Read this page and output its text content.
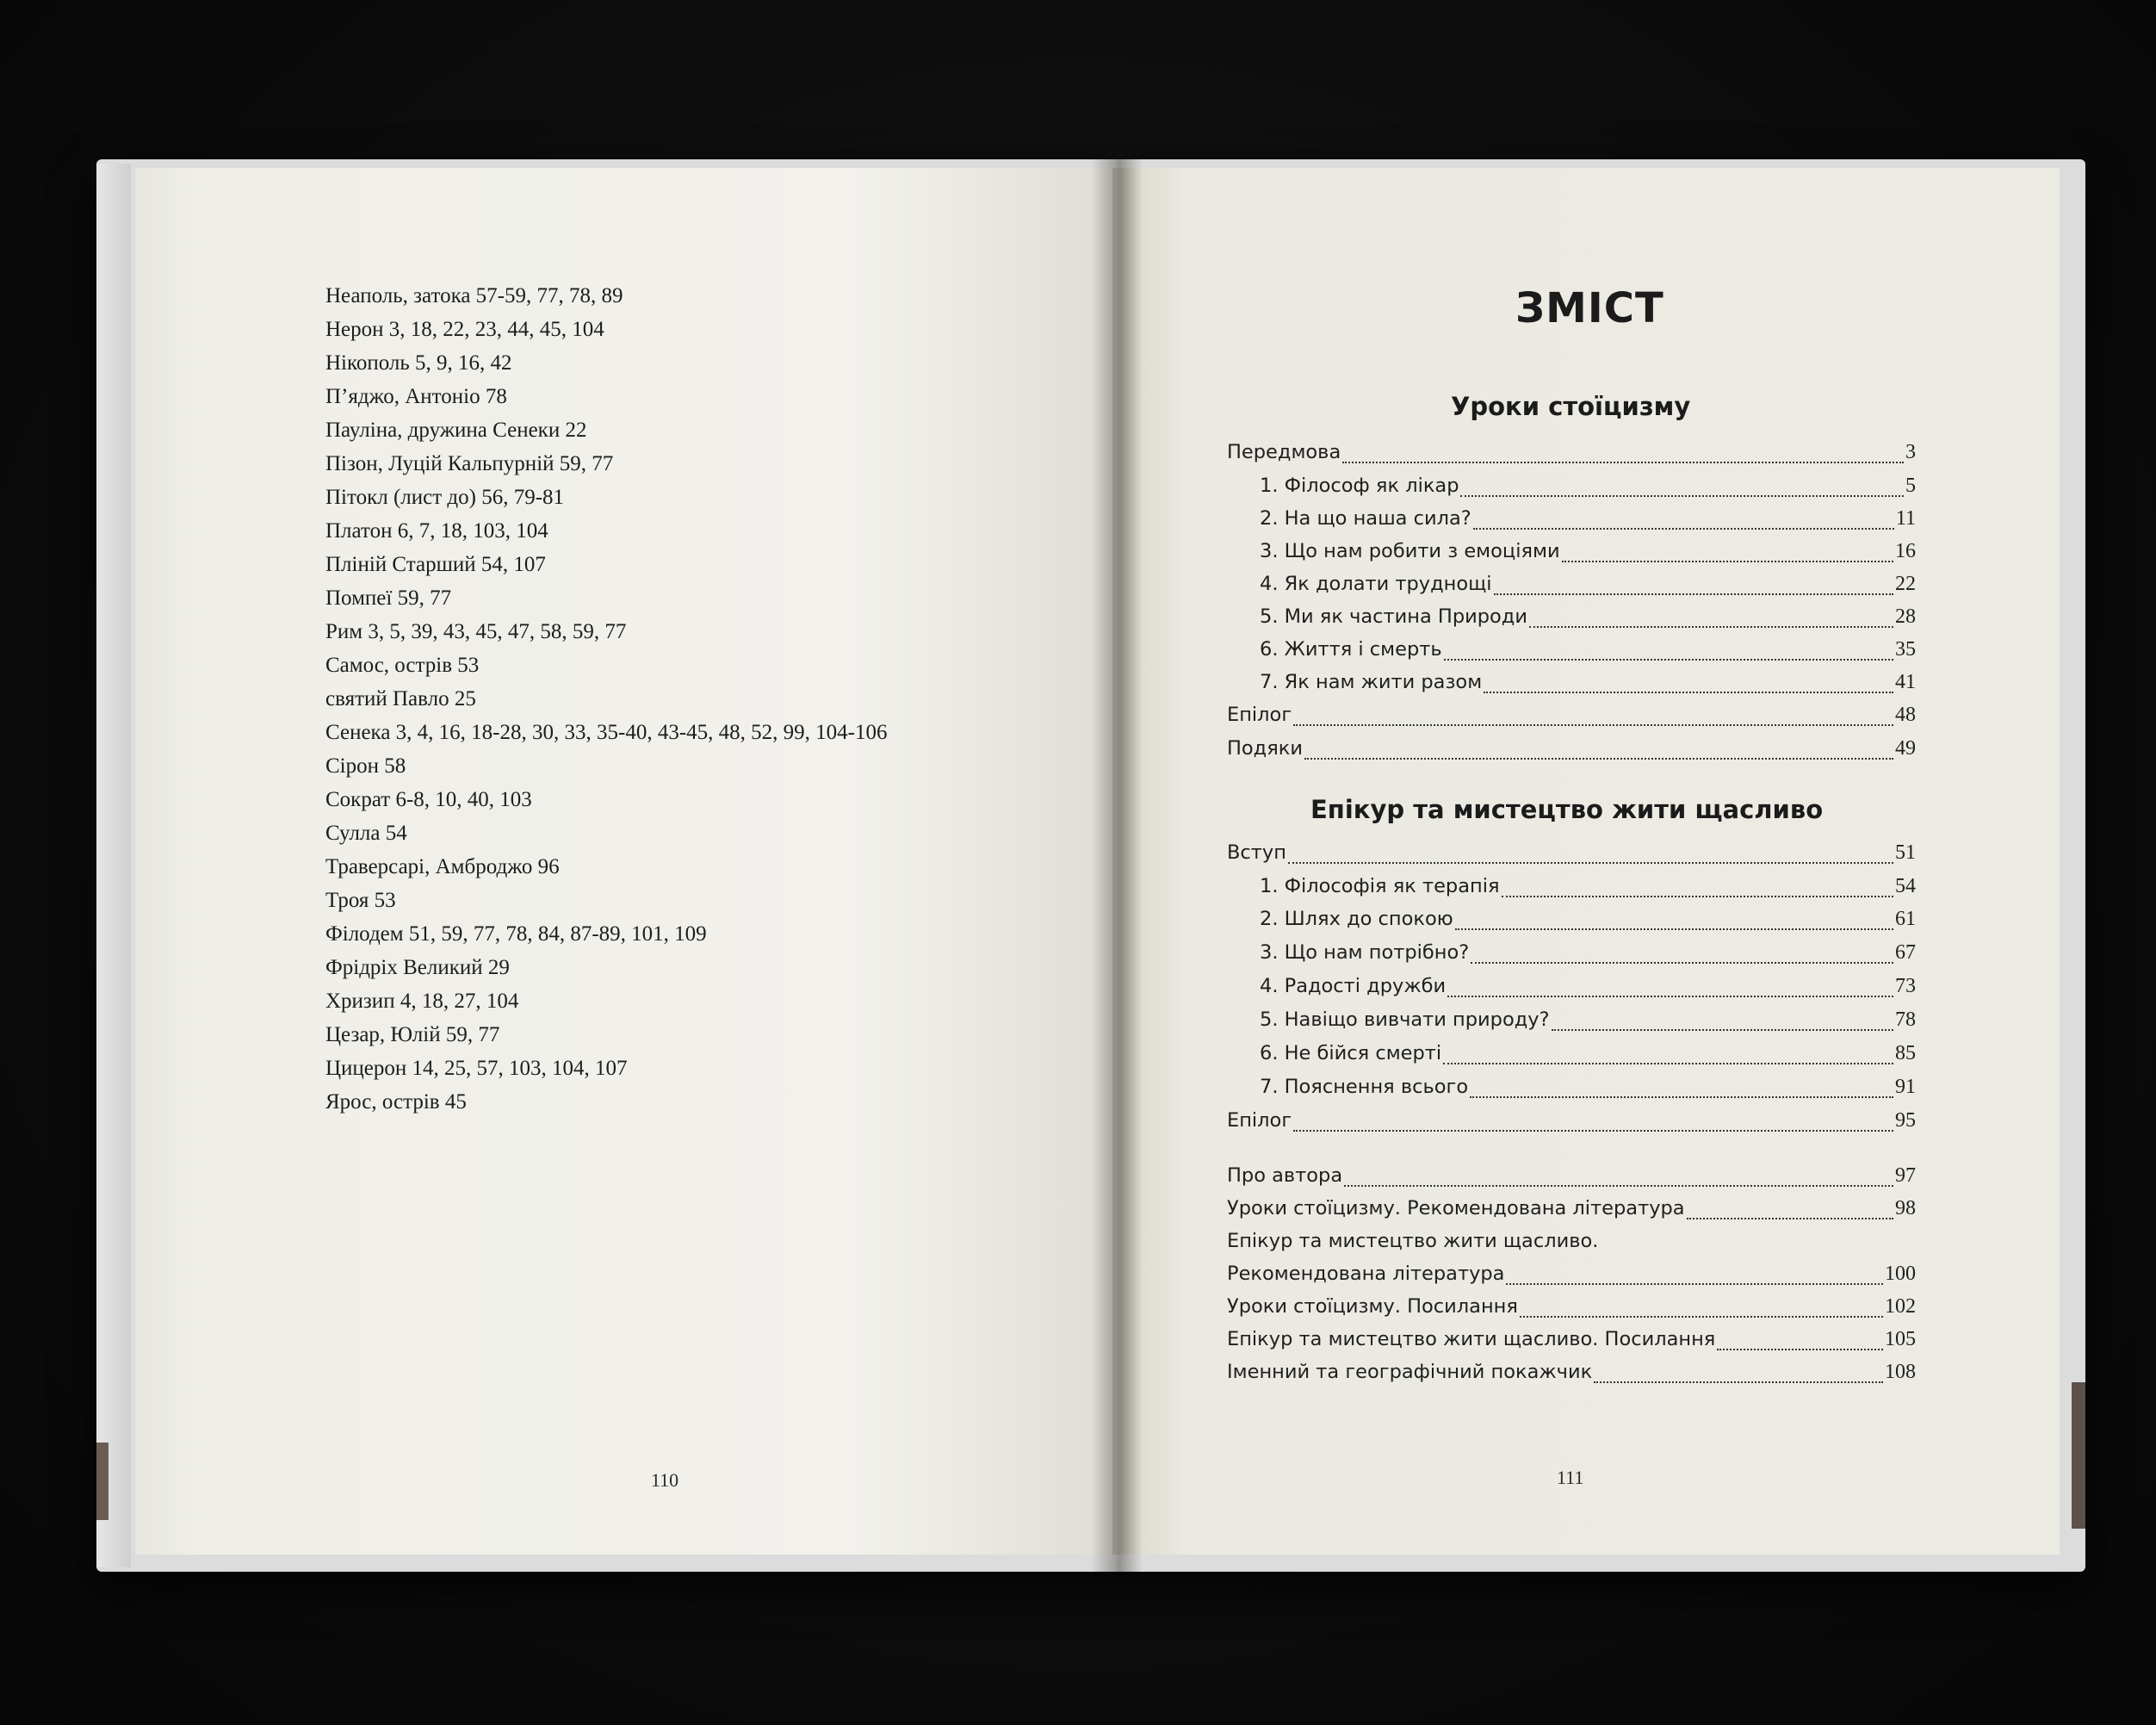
Неаполь, затока 57-59, 77, 78, 89
Нерон 3, 18, 22, 23, 44, 45, 104
Нікополь 5, 9, 16, 42
П’яджо, Антоніо 78
Пауліна, дружина Сенеки 22
Пізон, Луцій Кальпурній 59, 77
Пітокл (лист до) 56, 79-81
Платон 6, 7, 18, 103, 104
Пліній Старший 54, 107
Помпеї 59, 77
Рим 3, 5, 39, 43, 45, 47, 58, 59, 77
Самос, острів 53
святий Павло 25
Сенека 3, 4, 16, 18-28, 30, 33, 35-40, 43-45, 48, 52, 99, 104-106
Сірон 58
Сократ 6-8, 10, 40, 103
Сулла 54
Траверсарі, Амброджо 96
Троя 53
Філодем 51, 59, 77, 78, 84, 87-89, 101, 109
Фрідріх Великий 29
Хризип 4, 18, 27, 104
Цезар, Юлій 59, 77
Цицерон 14, 25, 57, 103, 104, 107
Ярос, острів 45
110
ЗМІСТ
Уроки стоїцизму
Передмова	3
1. Філософ як лікар	5
2. На що наша сила?	11
3. Що нам робити з емоціями	16
4. Як долати труднощі	22
5. Ми як частина Природи	28
6. Життя і смерть	35
7. Як нам жити разом	41
Епілог	48
Подяки	49
Епікур та мистецтво жити щасливо
Вступ	51
1. Філософія як терапія	54
2. Шлях до спокою	61
3. Що нам потрібно?	67
4. Радості дружби	73
5. Навіщо вивчати природу?	78
6. Не бійся смерті	85
7. Пояснення всього	91
Епілог	95
Про автора	97
Уроки стоїцизму. Рекомендована література	98
Епікур та мистецтво жити щасливо.
Рекомендована література	100
Уроки стоїцизму. Посилання	102
Епікур та мистецтво жити щасливо. Посилання	105
Іменний та географічний покажчик	108
111
